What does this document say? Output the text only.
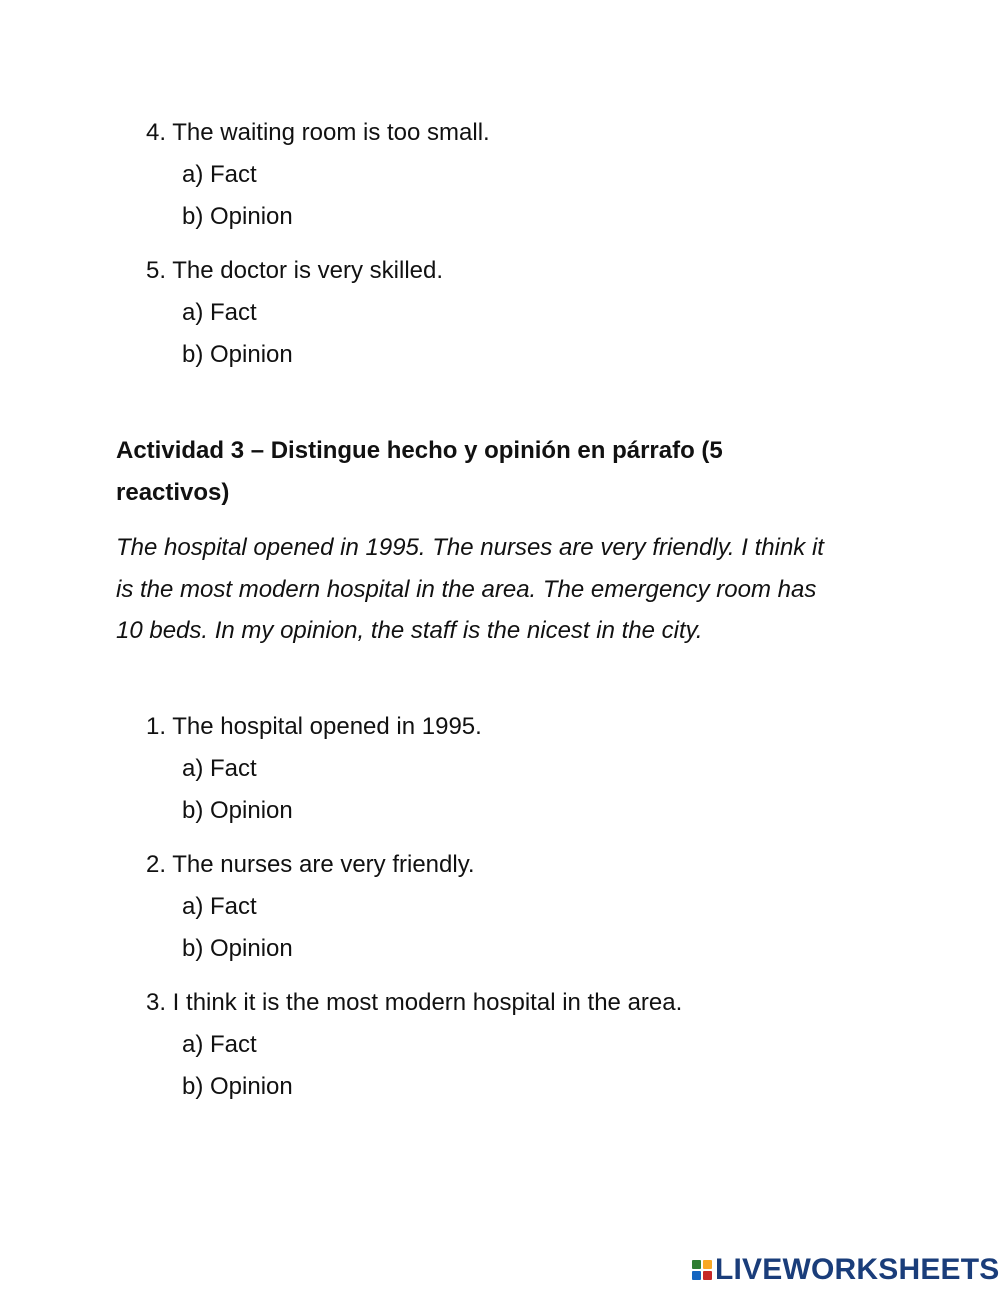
4. The waiting room is too small.
a) Fact
b) Opinion
5. The doctor is very skilled.
a) Fact
b) Opinion
Actividad 3 – Distingue hecho y opinión en párrafo (5
reactivos)
The hospital opened in 1995. The nurses are very friendly. I think it is the most modern hospital in the area. The emergency room has 10 beds. In my opinion, the staff is the nicest in the city.
1. The hospital opened in 1995.
a) Fact
b) Opinion
2. The nurses are very friendly.
a) Fact
b) Opinion
3. I think it is the most modern hospital in the area.
a) Fact
b) Opinion
LIVEWORKSHEETS
